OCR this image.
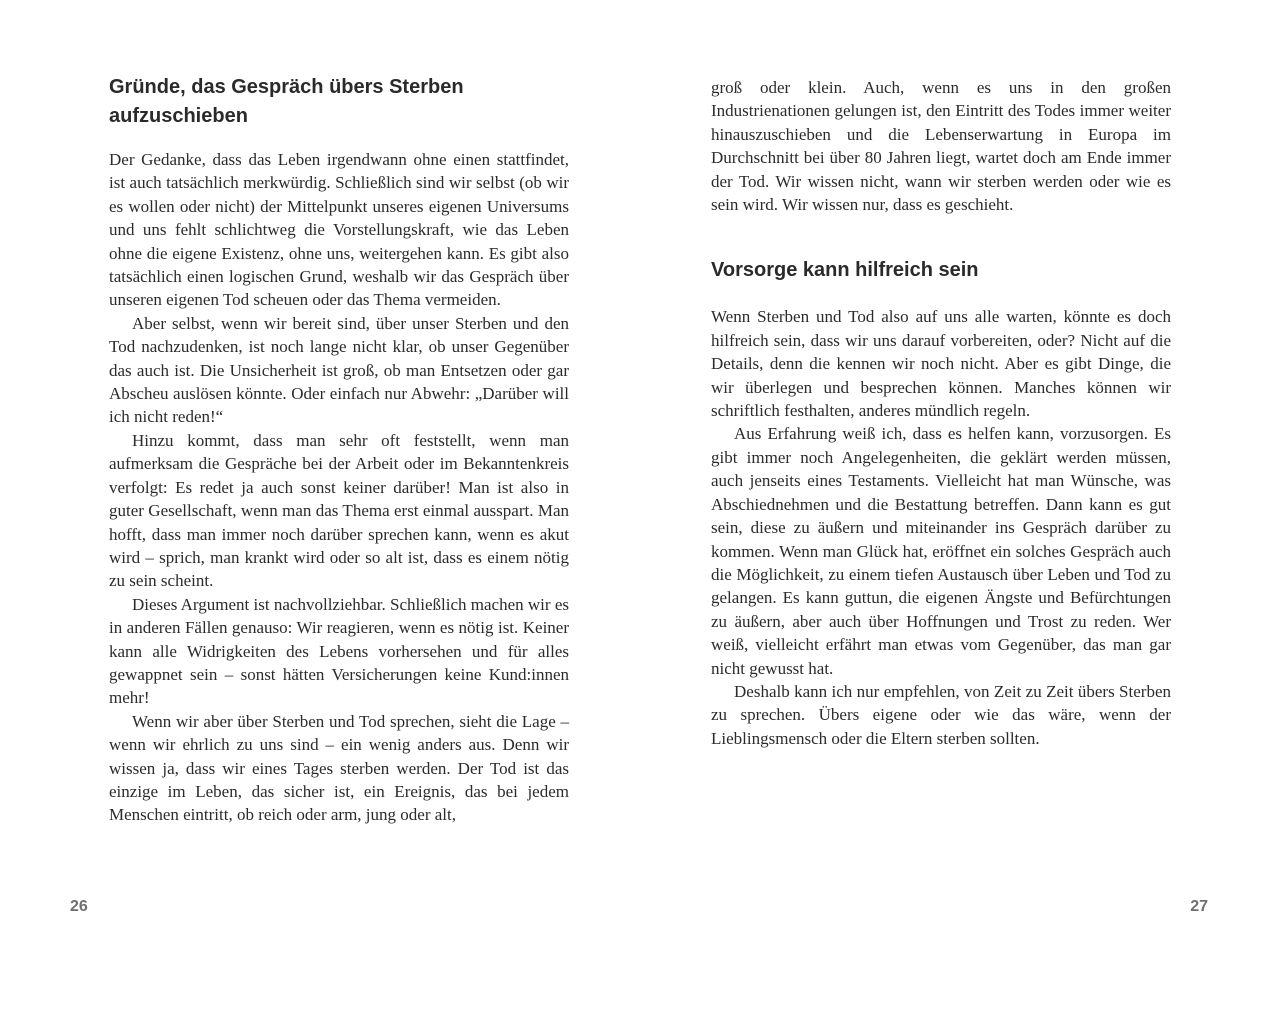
Gründe, das Gespräch übers Sterben aufzuschieben

Der Gedanke, dass das Leben irgendwann ohne einen stattfindet, ist auch tatsächlich merkwürdig. Schließlich sind wir selbst (ob wir es wollen oder nicht) der Mittelpunkt unseres eigenen Universums und uns fehlt schlichtweg die Vorstellungskraft, wie das Leben ohne die eigene Existenz, ohne uns, weitergehen kann. Es gibt also tatsächlich einen logischen Grund, weshalb wir das Gespräch über unseren eigenen Tod scheuen oder das Thema vermeiden.

Aber selbst, wenn wir bereit sind, über unser Sterben und den Tod nachzudenken, ist noch lange nicht klar, ob unser Gegenüber das auch ist. Die Unsicherheit ist groß, ob man Entsetzen oder gar Abscheu auslösen könnte. Oder einfach nur Abwehr: „Darüber will ich nicht reden!“

Hinzu kommt, dass man sehr oft feststellt, wenn man aufmerksam die Gespräche bei der Arbeit oder im Bekanntenkreis verfolgt: Es redet ja auch sonst keiner darüber! Man ist also in guter Gesellschaft, wenn man das Thema erst einmal ausspart. Man hofft, dass man immer noch darüber sprechen kann, wenn es akut wird – sprich, man krankt wird oder so alt ist, dass es einem nötig zu sein scheint.

Dieses Argument ist nachvollziehbar. Schließlich machen wir es in anderen Fällen genauso: Wir reagieren, wenn es nötig ist. Keiner kann alle Widrigkeiten des Lebens vorhersehen und für alles gewappnet sein – sonst hätten Versicherungen keine Kund:innen mehr!

Wenn wir aber über Sterben und Tod sprechen, sieht die Lage – wenn wir ehrlich zu uns sind – ein wenig anders aus. Denn wir wissen ja, dass wir eines Tages sterben werden. Der Tod ist das einzige im Leben, das sicher ist, ein Ereignis, das bei jedem Menschen eintritt, ob reich oder arm, jung oder alt,

26

groß oder klein. Auch, wenn es uns in den großen Industrienationen gelungen ist, den Eintritt des Todes immer weiter hinauszuschieben und die Lebenserwartung in Europa im Durchschnitt bei über 80 Jahren liegt, wartet doch am Ende immer der Tod. Wir wissen nicht, wann wir sterben werden oder wie es sein wird. Wir wissen nur, dass es geschieht.

Vorsorge kann hilfreich sein

Wenn Sterben und Tod also auf uns alle warten, könnte es doch hilfreich sein, dass wir uns darauf vorbereiten, oder? Nicht auf die Details, denn die kennen wir noch nicht. Aber es gibt Dinge, die wir überlegen und besprechen können. Manches können wir schriftlich festhalten, anderes mündlich regeln.

Aus Erfahrung weiß ich, dass es helfen kann, vorzusorgen. Es gibt immer noch Angelegenheiten, die geklärt werden müssen, auch jenseits eines Testaments. Vielleicht hat man Wünsche, was Abschiednehmen und die Bestattung betreffen. Dann kann es gut sein, diese zu äußern und miteinander ins Gespräch darüber zu kommen. Wenn man Glück hat, eröffnet ein solches Gespräch auch die Möglichkeit, zu einem tiefen Austausch über Leben und Tod zu gelangen. Es kann guttun, die eigenen Ängste und Befürchtungen zu äußern, aber auch über Hoffnungen und Trost zu reden. Wer weiß, vielleicht erfährt man etwas vom Gegenüber, das man gar nicht gewusst hat.

Deshalb kann ich nur empfehlen, von Zeit zu Zeit übers Sterben zu sprechen. Übers eigene oder wie das wäre, wenn der Lieblingsmensch oder die Eltern sterben sollten.

27
